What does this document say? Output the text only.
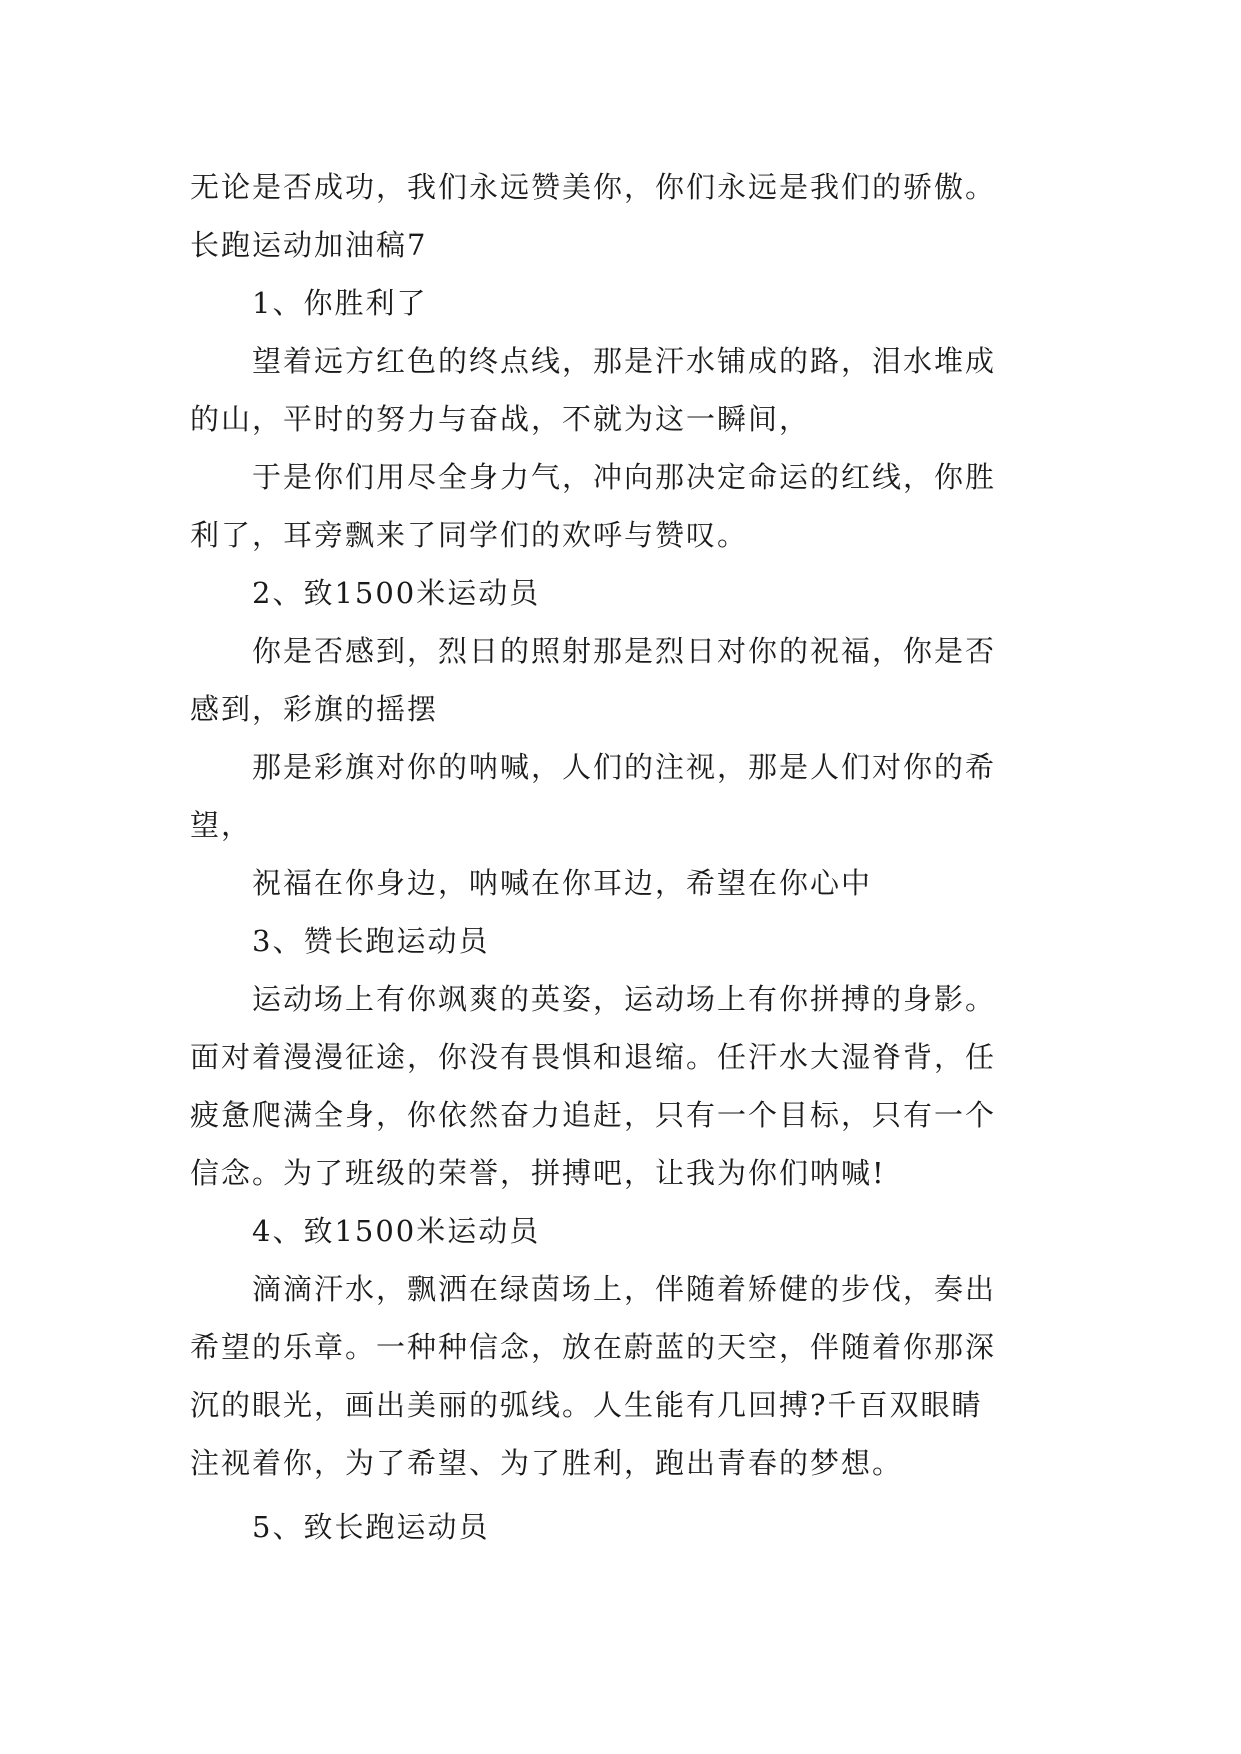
无论是否成功，我们永远赞美你，你们永远是我们的骄傲。
长跑运动加油稿7
1、你胜利了
望着远方红色的终点线，那是汗水铺成的路，泪水堆成
的山，平时的努力与奋战，不就为这一瞬间，
于是你们用尽全身力气，冲向那决定命运的红线，你胜
利了，耳旁飘来了同学们的欢呼与赞叹。
2、致1500米运动员
你是否感到，烈日的照射那是烈日对你的祝福，你是否
感到，彩旗的摇摆
那是彩旗对你的呐喊，人们的注视，那是人们对你的希
望，
祝福在你身边，呐喊在你耳边，希望在你心中
3、赞长跑运动员
运动场上有你飒爽的英姿，运动场上有你拼搏的身影。
面对着漫漫征途，你没有畏惧和退缩。任汗水大湿脊背，任
疲惫爬满全身，你依然奋力追赶，只有一个目标，只有一个
信念。为了班级的荣誉，拼搏吧，让我为你们呐喊!
4、致1500米运动员
滴滴汗水，飘洒在绿茵场上，伴随着矫健的步伐，奏出
希望的乐章。一种种信念，放在蔚蓝的天空，伴随着你那深
沉的眼光，画出美丽的弧线。人生能有几回搏?千百双眼睛
注视着你，为了希望、为了胜利，跑出青春的梦想。
5、致长跑运动员
